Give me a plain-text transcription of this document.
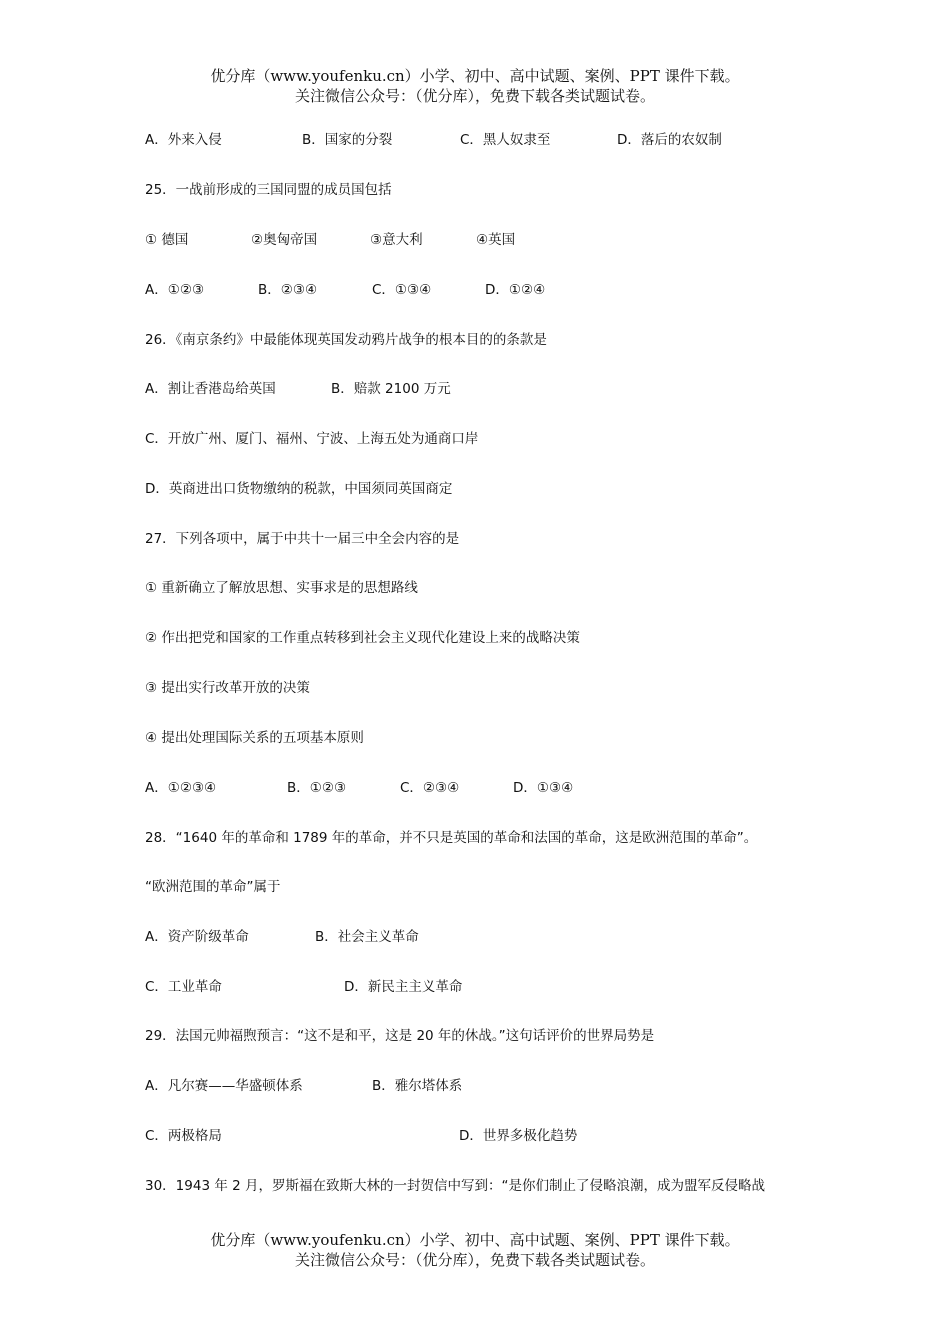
优分库（www.youfenku.cn）小学、初中、高中试题、案例、PPT 课件下载。
关注微信公众号：（优分库），免费下载各类试题试卷。
A．外来入侵	B．国家的分裂	C．黑人奴隶至	D．落后的农奴制
25．一战前形成的三国同盟的成员国包括
① 德国	②奥匈帝国	③意大利	④英国
A．①②③	B．②③④	C．①③④	D．①②④
26．《南京条约》中最能体现英国发动鸦片战争的根本目的的条款是
A．割让香港岛给英国	B．赔款 2100 万元
C．开放广州、厦门、福州、宁波、上海五处为通商口岸
D．英商进出口货物缴纳的税款，中国须同英国商定
27．下列各项中，属于中共十一届三中全会内容的是
① 重新确立了解放思想、实事求是的思想路线
② 作出把党和国家的工作重点转移到社会主义现代化建设上来的战略决策
③ 提出实行改革开放的决策
④ 提出处理国际关系的五项基本原则
A．①②③④	B．①②③	C．②③④	D．①③④
28．“1640 年的革命和 1789 年的革命，并不只是英国的革命和法国的革命，这是欧洲范围的革命”。
“欧洲范围的革命”属于
A．资产阶级革命	B．社会主义革命
C．工业革命	D．新民主主义革命
29．法国元帅福煦预言：“这不是和平，这是 20 年的休战。”这句话评价的世界局势是
A．凡尔赛——华盛顿体系	B．雅尔塔体系
C．两极格局	D．世界多极化趋势
30．1943 年 2 月，罗斯福在致斯大林的一封贺信中写到：“是你们制止了侵略浪潮，成为盟军反侵略战
优分库（www.youfenku.cn）小学、初中、高中试题、案例、PPT 课件下载。
关注微信公众号：（优分库），免费下载各类试题试卷。
